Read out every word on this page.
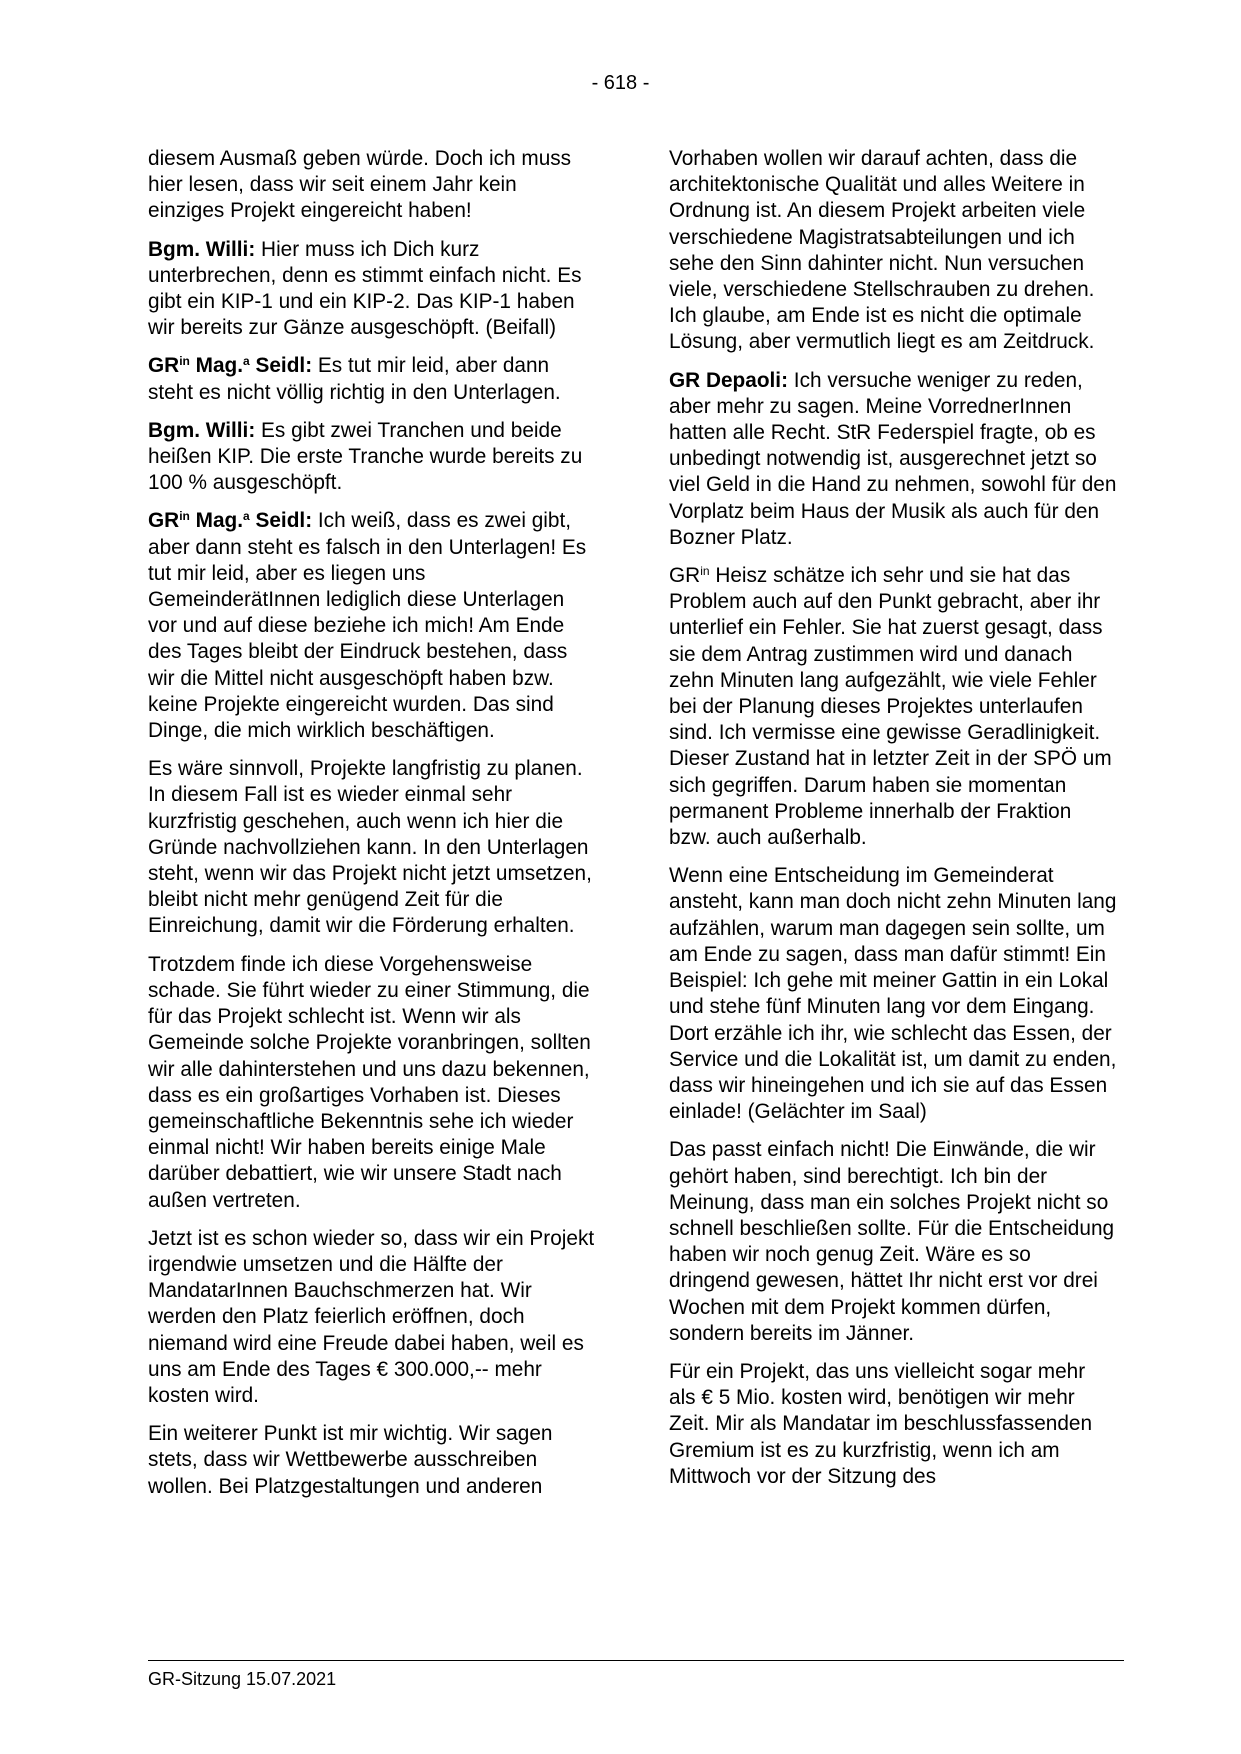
- 618 -

diesem Ausmaß geben würde. Doch ich muss hier lesen, dass wir seit einem Jahr kein einziges Projekt eingereicht haben!

Bgm. Willi: Hier muss ich Dich kurz unterbrechen, denn es stimmt einfach nicht. Es gibt ein KIP-1 und ein KIP-2. Das KIP-1 haben wir bereits zur Gänze ausgeschöpft. (Beifall)

$GR^{in}$ Mag.$^a$ Seidl: Es tut mir leid, aber dann steht es nicht völlig richtig in den Unterlagen.

Bgm. Willi: Es gibt zwei Tranchen und beide heißen KIP. Die erste Tranche wurde bereits zu 100 % ausgeschöpft.

$GR^{in}$ Mag.$^a$ Seidl: Ich weiß, dass es zwei gibt, aber dann steht es falsch in den Unterlagen! Es tut mir leid, aber es liegen uns GemeinderätInnen lediglich diese Unterlagen vor und auf diese beziehe ich mich! Am Ende des Tages bleibt der Eindruck bestehen, dass wir die Mittel nicht ausgeschöpft haben bzw. keine Projekte eingereicht wurden. Das sind Dinge, die mich wirklich beschäftigen.

Es wäre sinnvoll, Projekte langfristig zu planen. In diesem Fall ist es wieder einmal sehr kurzfristig geschehen, auch wenn ich hier die Gründe nachvollziehen kann. In den Unterlagen steht, wenn wir das Projekt nicht jetzt umsetzen, bleibt nicht mehr genügend Zeit für die Einreichung, damit wir die Förderung erhalten.

Trotzdem finde ich diese Vorgehensweise schade. Sie führt wieder zu einer Stimmung, die für das Projekt schlecht ist. Wenn wir als Gemeinde solche Projekte voranbringen, sollten wir alle dahinterstehen und uns dazu bekennen, dass es ein großartiges Vorhaben ist. Dieses gemeinschaftliche Bekenntnis sehe ich wieder einmal nicht! Wir haben bereits einige Male darüber debattiert, wie wir unsere Stadt nach außen vertreten.

Jetzt ist es schon wieder so, dass wir ein Projekt irgendwie umsetzen und die Hälfte der MandatarInnen Bauchschmerzen hat. Wir werden den Platz feierlich eröffnen, doch niemand wird eine Freude dabei haben, weil es uns am Ende des Tages € 300.000,-- mehr kosten wird.

Ein weiterer Punkt ist mir wichtig. Wir sagen stets, dass wir Wettbewerbe ausschreiben wollen. Bei Platzgestaltungen und anderen

Vorhaben wollen wir darauf achten, dass die architektonische Qualität und alles Weitere in Ordnung ist. An diesem Projekt arbeiten viele verschiedene Magistratsabteilungen und ich sehe den Sinn dahinter nicht. Nun versuchen viele, verschiedene Stellschrauben zu drehen. Ich glaube, am Ende ist es nicht die optimale Lösung, aber vermutlich liegt es am Zeitdruck.

GR Depaoli: Ich versuche weniger zu reden, aber mehr zu sagen. Meine VorrednerInnen hatten alle Recht. StR Federspiel fragte, ob es unbedingt notwendig ist, ausgerechnet jetzt so viel Geld in die Hand zu nehmen, sowohl für den Vorplatz beim Haus der Musik als auch für den Bozner Platz.

$GR^{in}$ Heisz schätze ich sehr und sie hat das Problem auch auf den Punkt gebracht, aber ihr unterlief ein Fehler. Sie hat zuerst gesagt, dass sie dem Antrag zustimmen wird und danach zehn Minuten lang aufgezählt, wie viele Fehler bei der Planung dieses Projektes unterlaufen sind. Ich vermisse eine gewisse Geradlinigkeit. Dieser Zustand hat in letzter Zeit in der SPÖ um sich gegriffen. Darum haben sie momentan permanent Probleme innerhalb der Fraktion bzw. auch außerhalb.

Wenn eine Entscheidung im Gemeinderat ansteht, kann man doch nicht zehn Minuten lang aufzählen, warum man dagegen sein sollte, um am Ende zu sagen, dass man dafür stimmt! Ein Beispiel: Ich gehe mit meiner Gattin in ein Lokal und stehe fünf Minuten lang vor dem Eingang. Dort erzähle ich ihr, wie schlecht das Essen, der Service und die Lokalität ist, um damit zu enden, dass wir hineingehen und ich sie auf das Essen einlade! (Gelächter im Saal)

Das passt einfach nicht! Die Einwände, die wir gehört haben, sind berechtigt. Ich bin der Meinung, dass man ein solches Projekt nicht so schnell beschließen sollte. Für die Entscheidung haben wir noch genug Zeit. Wäre es so dringend gewesen, hättet Ihr nicht erst vor drei Wochen mit dem Projekt kommen dürfen, sondern bereits im Jänner.

Für ein Projekt, das uns vielleicht sogar mehr als € 5 Mio. kosten wird, benötigen wir mehr Zeit. Mir als Mandatar im beschlussfassenden Gremium ist es zu kurzfristig, wenn ich am Mittwoch vor der Sitzung des

GR-Sitzung 15.07.2021
